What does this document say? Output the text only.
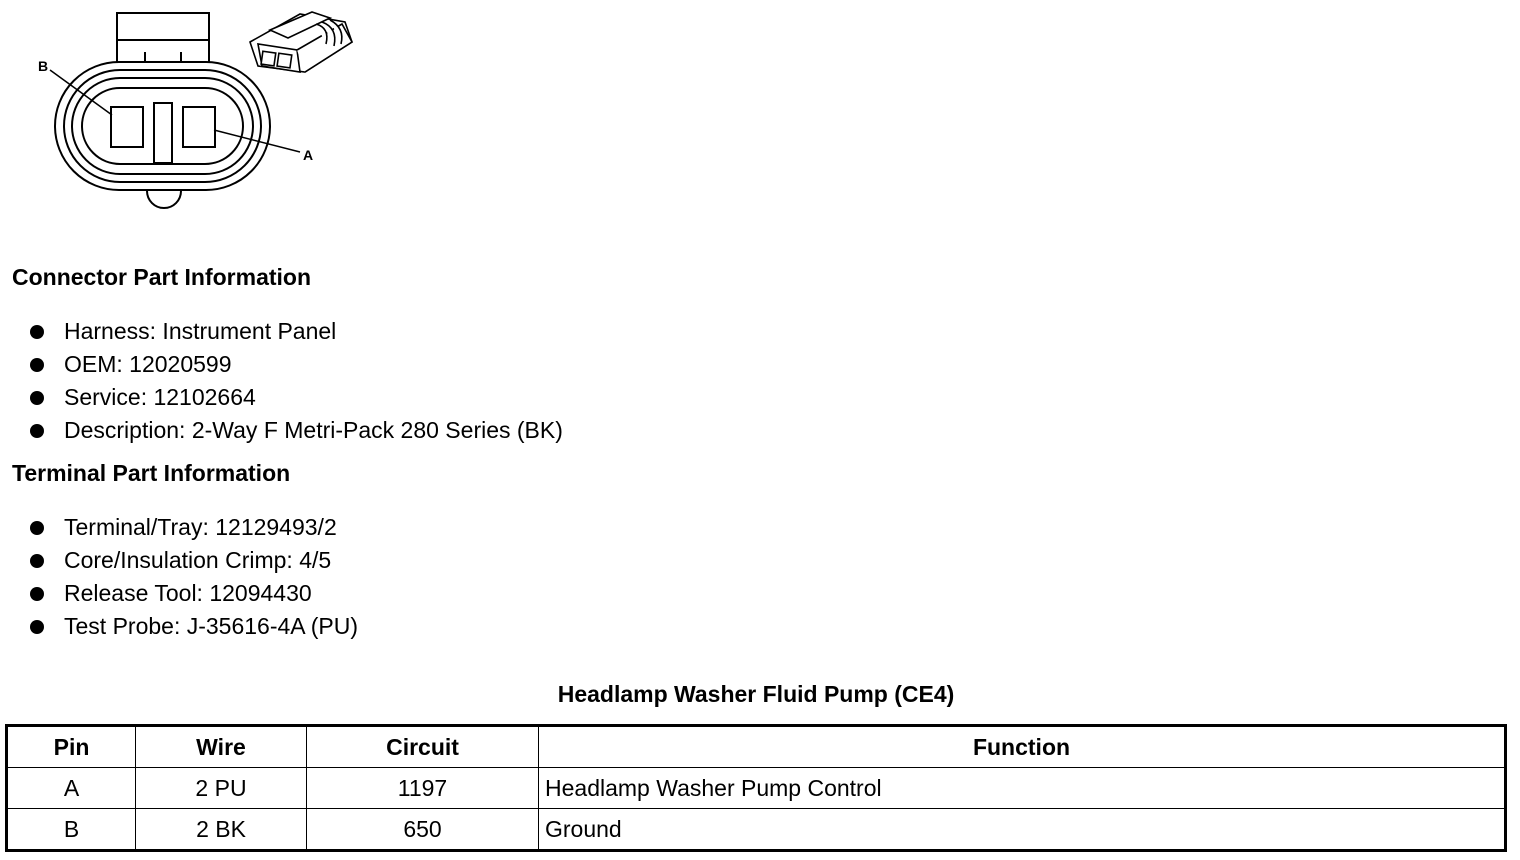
B
A
Connector Part Information
Harness: Instrument Panel
OEM: 12020599
Service: 12102664
Description: 2-Way F Metri-Pack 280 Series (BK)
Terminal Part Information
Terminal/Tray: 12129493/2
Core/Insulation Crimp: 4/5
Release Tool: 12094430
Test Probe: J-35616-4A (PU)
Headlamp Washer Fluid Pump (CE4)
Pin	Wire	Circuit	Function
A	2 PU	1197	Headlamp Washer Pump Control
B	2 BK	650	Ground
